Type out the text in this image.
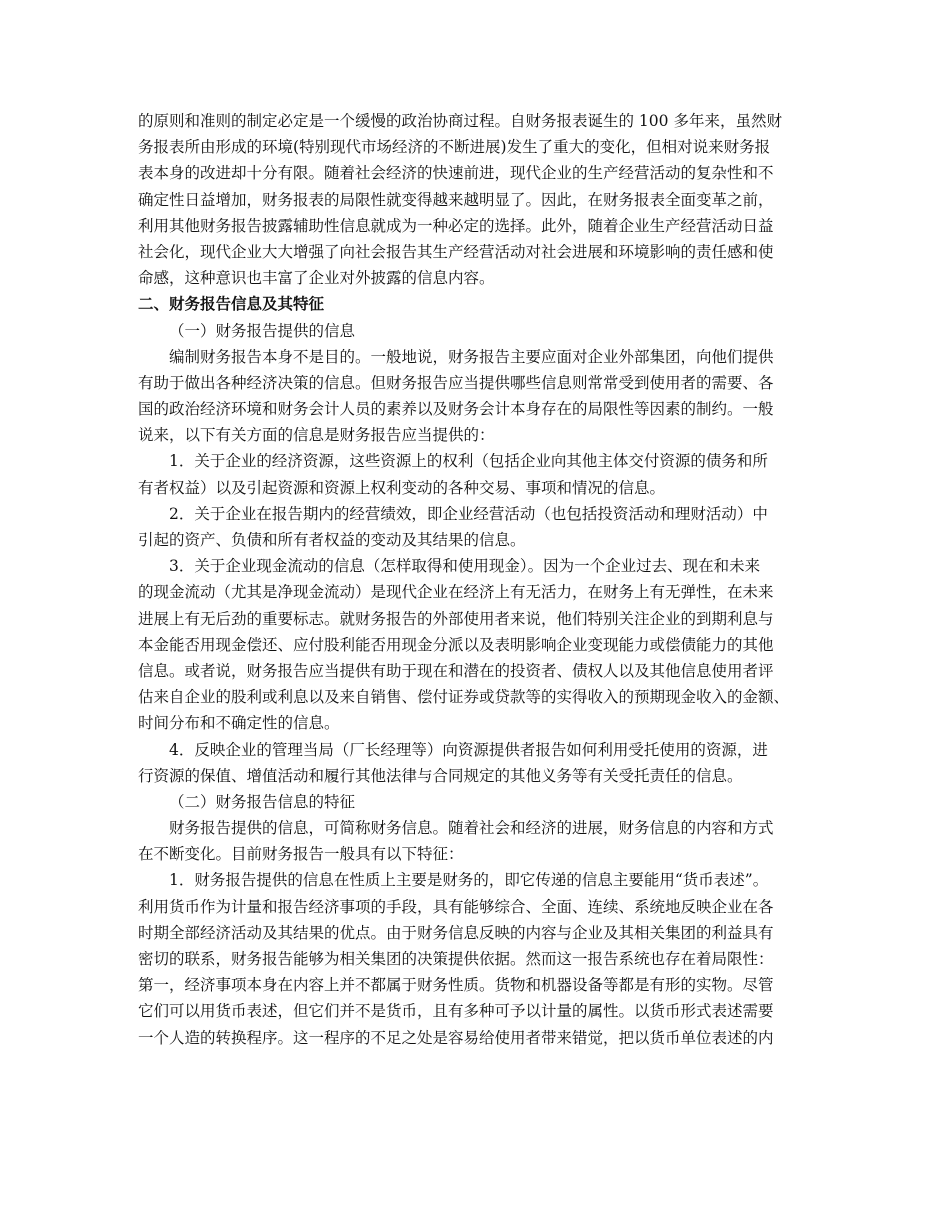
的原则和准则的制定必定是一个缓慢的政治协商过程。自财务报表诞生的 100 多年来，虽然财
务报表所由形成的环境(特别现代市场经济的不断进展)发生了重大的变化，但相对说来财务报
表本身的改进却十分有限。随着社会经济的快速前进，现代企业的生产经营活动的复杂性和不
确定性日益增加，财务报表的局限性就变得越来越明显了。因此，在财务报表全面变革之前，
利用其他财务报告披露辅助性信息就成为一种必定的选择。此外，随着企业生产经营活动日益
社会化，现代企业大大增强了向社会报告其生产经营活动对社会进展和环境影响的责任感和使
命感，这种意识也丰富了企业对外披露的信息内容。
二、财务报告信息及其特征
（一）财务报告提供的信息
编制财务报告本身不是目的。一般地说，财务报告主要应面对企业外部集团，向他们提供
有助于做出各种经济决策的信息。但财务报告应当提供哪些信息则常常受到使用者的需要、各
国的政治经济环境和财务会计人员的素养以及财务会计本身存在的局限性等因素的制约。一般
说来，以下有关方面的信息是财务报告应当提供的：
1．关于企业的经济资源，这些资源上的权利（包括企业向其他主体交付资源的债务和所
有者权益）以及引起资源和资源上权利变动的各种交易、事项和情况的信息。
2．关于企业在报告期内的经营绩效，即企业经营活动（也包括投资活动和理财活动）中
引起的资产、负债和所有者权益的变动及其结果的信息。
3．关于企业现金流动的信息（怎样取得和使用现金）。因为一个企业过去、现在和未来
的现金流动（尤其是净现金流动）是现代企业在经济上有无活力，在财务上有无弹性，在未来
进展上有无后劲的重要标志。就财务报告的外部使用者来说，他们特别关注企业的到期利息与
本金能否用现金偿还、应付股利能否用现金分派以及表明影响企业变现能力或偿债能力的其他
信息。或者说，财务报告应当提供有助于现在和潜在的投资者、债权人以及其他信息使用者评
估来自企业的股利或利息以及来自销售、偿付证券或贷款等的实得收入的预期现金收入的金额、
时间分布和不确定性的信息。
4．反映企业的管理当局（厂长经理等）向资源提供者报告如何利用受托使用的资源，进
行资源的保值、增值活动和履行其他法律与合同规定的其他义务等有关受托责任的信息。
（二）财务报告信息的特征
财务报告提供的信息，可简称财务信息。随着社会和经济的进展，财务信息的内容和方式
在不断变化。目前财务报告一般具有以下特征：
1．财务报告提供的信息在性质上主要是财务的，即它传递的信息主要能用“货币表述”。
利用货币作为计量和报告经济事项的手段，具有能够综合、全面、连续、系统地反映企业在各
时期全部经济活动及其结果的优点。由于财务信息反映的内容与企业及其相关集团的利益具有
密切的联系，财务报告能够为相关集团的决策提供依据。然而这一报告系统也存在着局限性：
第一，经济事项本身在内容上并不都属于财务性质。货物和机器设备等都是有形的实物。尽管
它们可以用货币表述，但它们并不是货币，且有多种可予以计量的属性。以货币形式表述需要
一个人造的转换程序。这一程序的不足之处是容易给使用者带来错觉，把以货币单位表述的内
